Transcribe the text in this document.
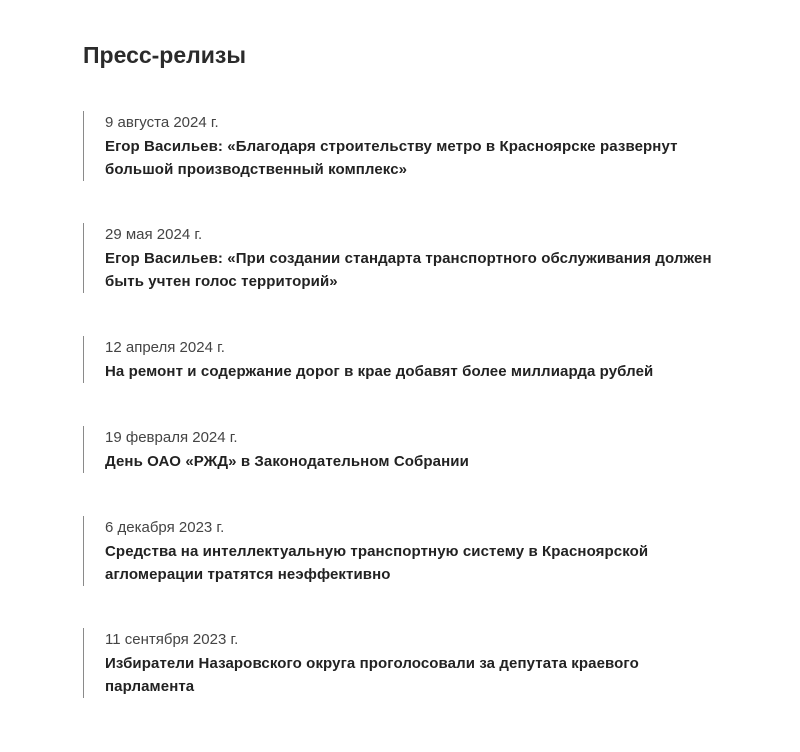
Пресс-релизы
9 августа 2024 г.
Егор Васильев: «Благодаря строительству метро в Красноярске развернут большой производственный комплекс»
29 мая 2024 г.
Егор Васильев: «При создании стандарта транспортного обслуживания должен быть учтен голос территорий»
12 апреля 2024 г.
На ремонт и содержание дорог в крае добавят более миллиарда рублей
19 февраля 2024 г.
День ОАО «РЖД» в Законодательном Собрании
6 декабря 2023 г.
Средства на интеллектуальную транспортную систему в Красноярской агломерации тратятся неэффективно
11 сентября 2023 г.
Избиратели Назаровского округа проголосовали за депутата краевого парламента
